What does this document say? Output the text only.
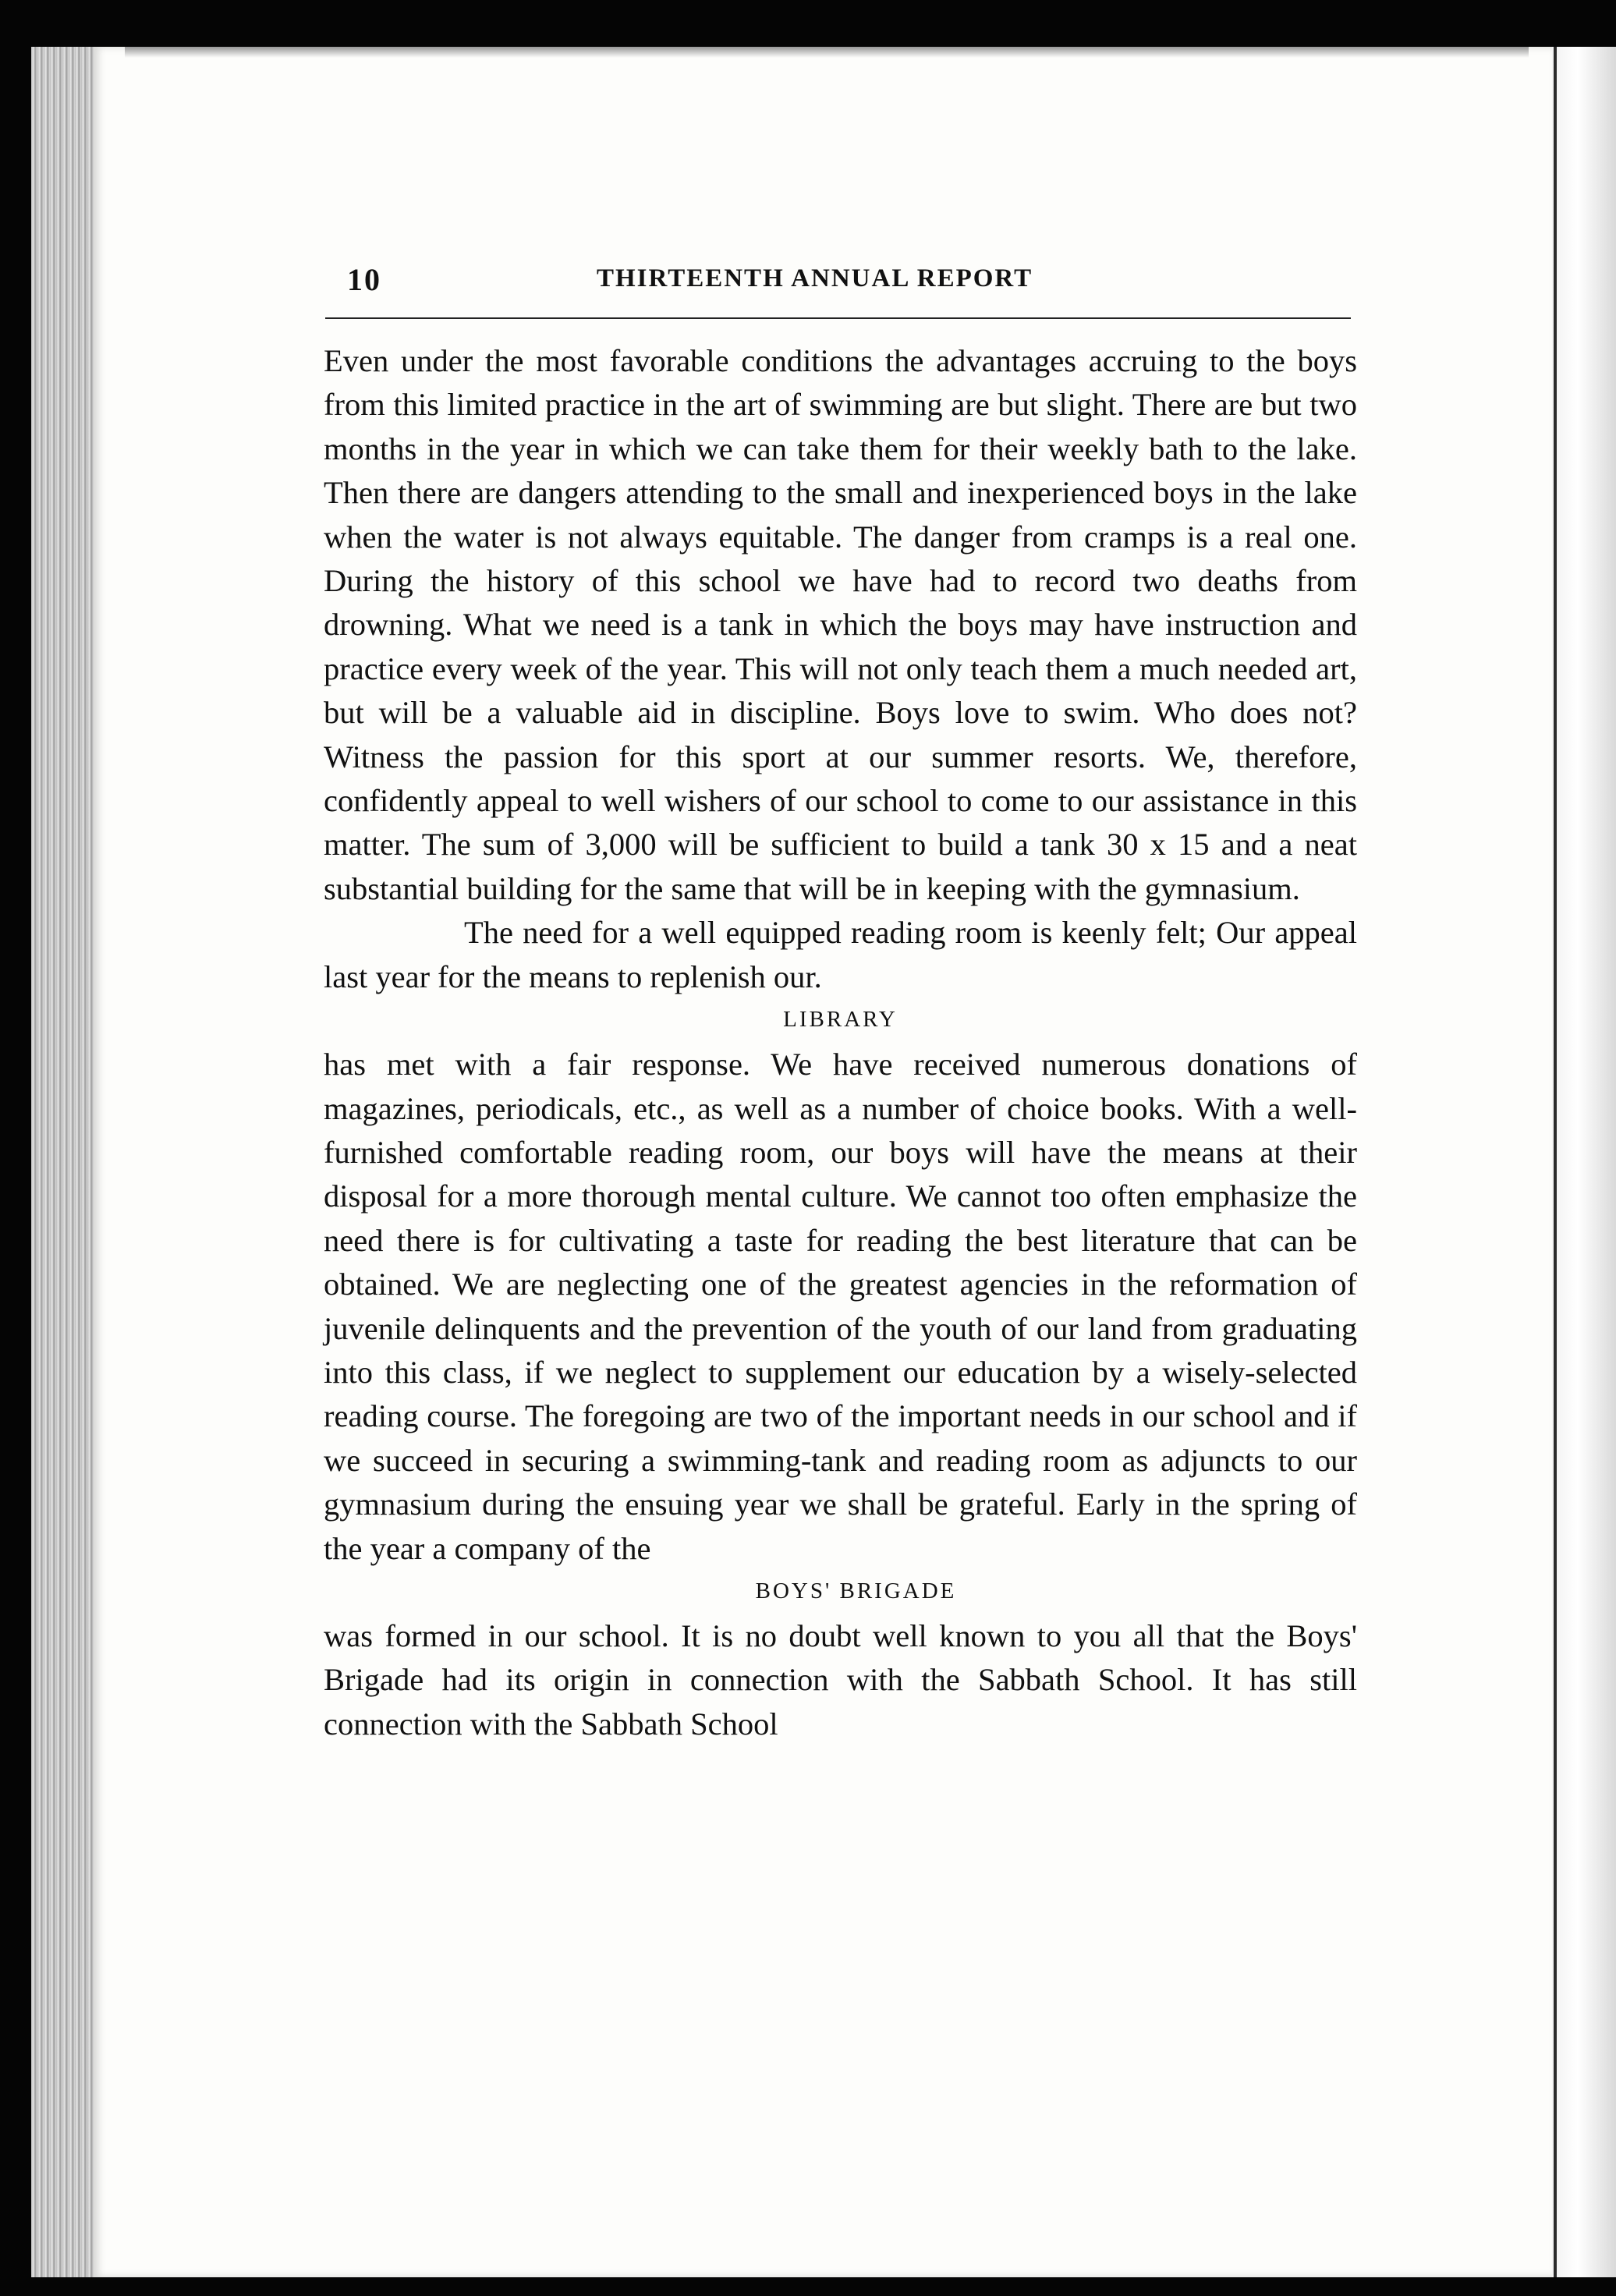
10	THIRTEENTH ANNUAL REPORT

Even under the most favorable conditions the advantages accruing to the boys from this limited practice in the art of swimming are but slight. There are but two months in the year in which we can take them for their weekly bath to the lake. Then there are dangers attending to the small and inexperienced boys in the lake when the water is not always equitable. The danger from cramps is a real one. During the history of this school we have had to record two deaths from drowning. What we need is a tank in which the boys may have instruction and practice every week of the year. This will not only teach them a much needed art, but will be a valuable aid in discipline. Boys love to swim. Who does not? Witness the passion for this sport at our summer resorts. We, therefore, confidently appeal to well wishers of our school to come to our assistance in this matter. The sum of 3,000 will be sufficient to build a tank 30 x 15 and a neat substantial building for the same that will be in keeping with the gymnasium.

The need for a well equipped reading room is keenly felt; Our appeal last year for the means to replenish our.

LIBRARY

has met with a fair response. We have received numerous donations of magazines, periodicals, etc., as well as a number of choice books. With a well-furnished comfortable reading room, our boys will have the means at their disposal for a more thorough mental culture. We cannot too often emphasize the need there is for cultivating a taste for reading the best literature that can be obtained. We are neglecting one of the greatest agencies in the reformation of juvenile delinquents and the prevention of the youth of our land from graduating into this class, if we neglect to supplement our education by a wisely-selected reading course. The foregoing are two of the important needs in our school and if we succeed in securing a swimming-tank and reading room as adjuncts to our gymnasium during the ensuing year we shall be grateful. Early in the spring of the year a company of the

BOYS' BRIGADE

was formed in our school. It is no doubt well known to you all that the Boys' Brigade had its origin in connection with the Sabbath School. It has still connection with the Sabbath School
